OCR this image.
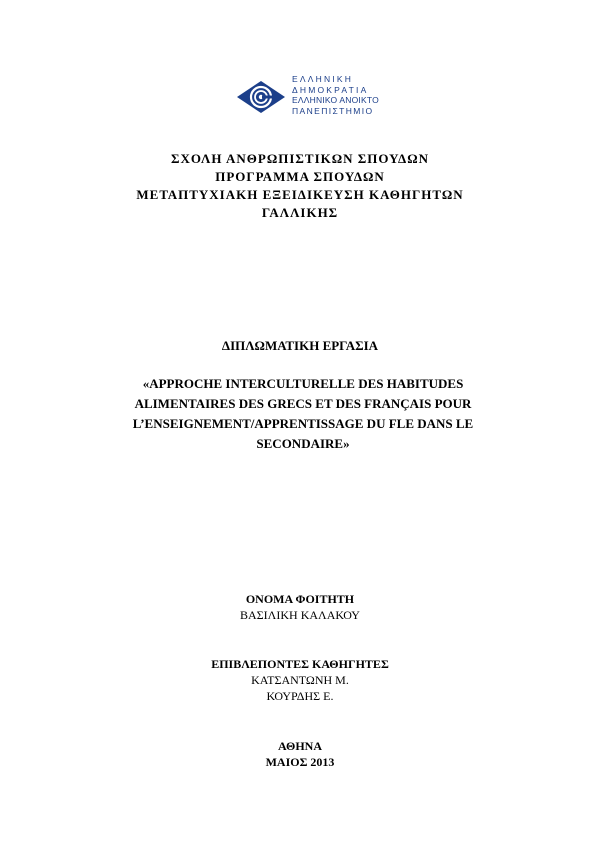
ΕΛΛΗΝΙΚΗ
ΔΗΜΟΚΡΑΤΙΑ
ΕΛΛΗΝΙΚΟ ΑΝΟΙΚΤΟ
ΠΑΝΕΠΙΣΤΗΜΙΟ
ΣΧΟΛΗ ΑΝΘΡΩΠΙΣΤΙΚΩΝ ΣΠΟΥΔΩΝ
ΠΡΟΓΡΑΜΜΑ ΣΠΟΥΔΩΝ
ΜΕΤΑΠΤΥΧΙΑΚΗ ΕΞΕΙΔΙΚΕΥΣΗ ΚΑΘΗΓΗΤΩΝ
ΓΑΛΛΙΚΗΣ
ΔΙΠΛΩΜΑΤΙΚΗ ΕΡΓΑΣΙΑ
«APPROCHE INTERCULTURELLE DES HABITUDES ALIMENTAIRES DES GRECS ET DES FRANÇAIS POUR L’ENSEIGNEMENT/APPRENTISSAGE DU FLE DANS LE SECONDAIRE»
ΟΝΟΜΑ ΦΟΙΤΗΤΗ
ΒΑΣΙΛΙΚΗ ΚΑΛΑΚΟΥ
ΕΠΙΒΛΕΠΟΝΤΕΣ ΚΑΘΗΓΗΤΕΣ
ΚΑΤΣΑΝΤΩΝΗ Μ.
ΚΟΥΡΔΗΣ Ε.
ΑΘΗΝΑ
ΜΑΙΟΣ 2013
